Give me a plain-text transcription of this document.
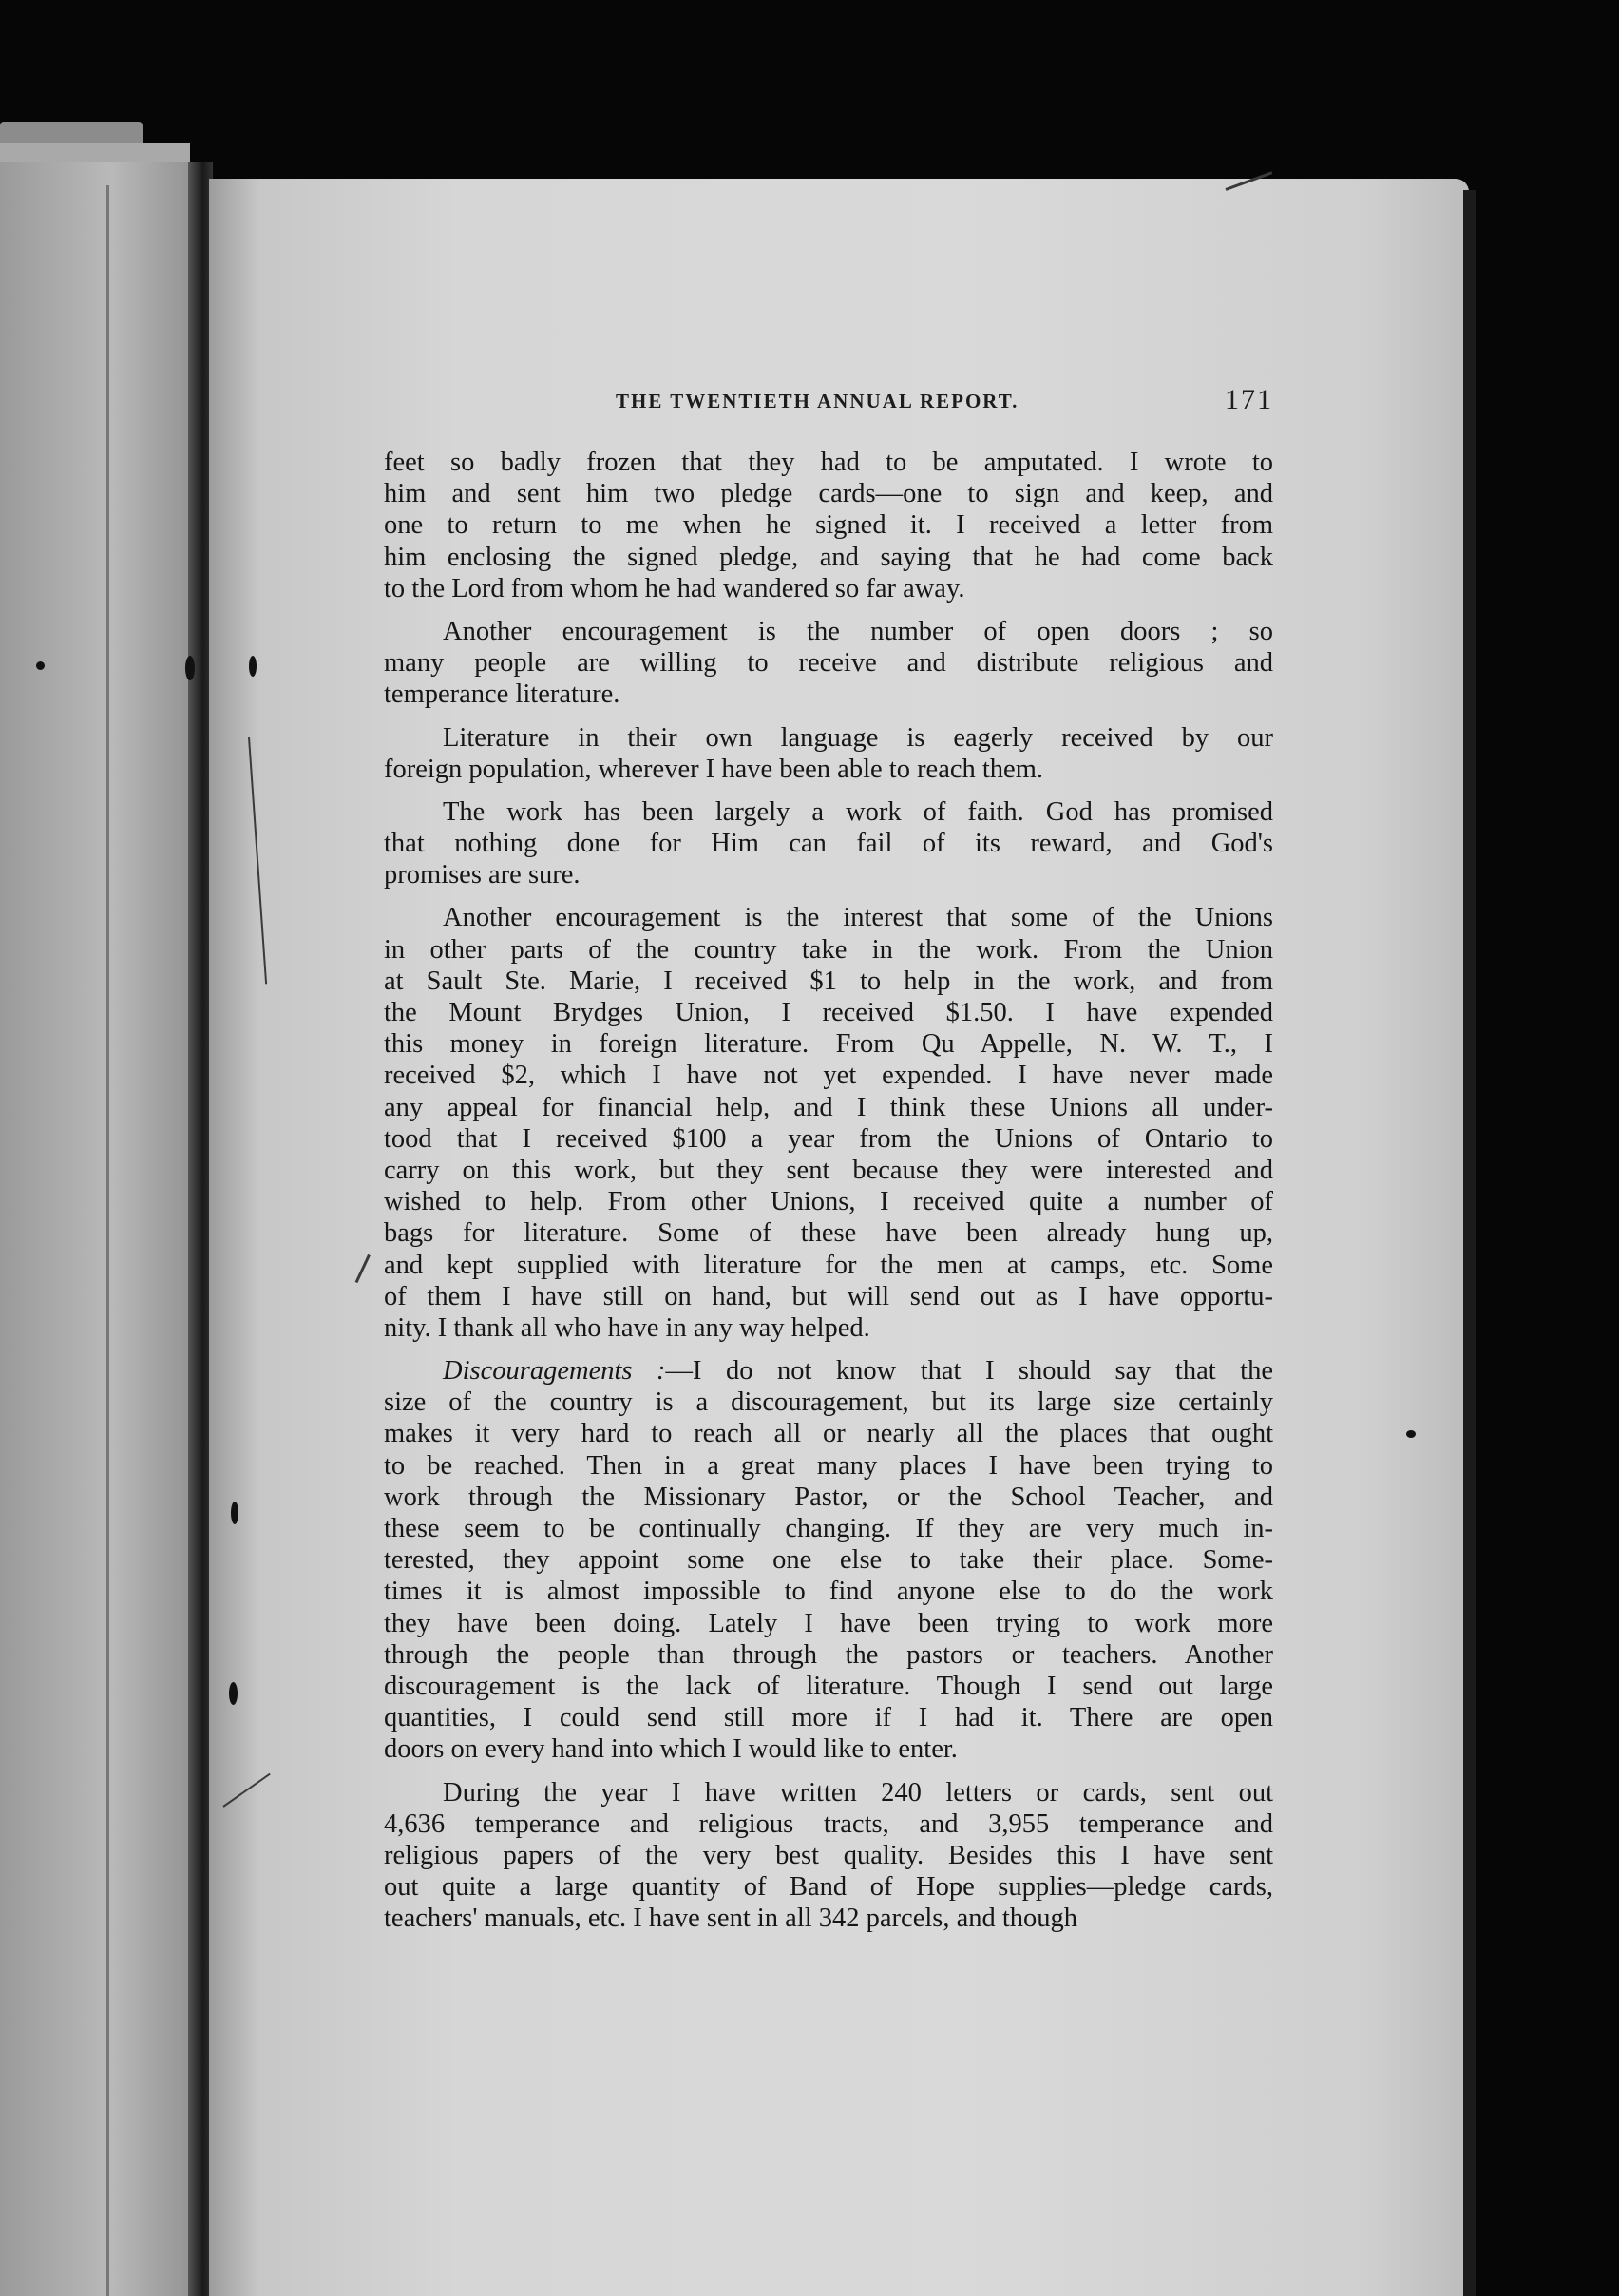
THE TWENTIETH ANNUAL REPORT.	171
feet so badly frozen that they had to be amputated. I wrote to
him and sent him two pledge cards—one to sign and keep, and
one to return to me when he signed it. I received a letter from
him enclosing the signed pledge, and saying that he had come back
to the Lord from whom he had wandered so far away.
Another encouragement is the number of open doors ; so
many people are willing to receive and distribute religious and
temperance literature.
Literature in their own language is eagerly received by our
foreign population, wherever I have been able to reach them.
The work has been largely a work of faith. God has promised
that nothing done for Him can fail of its reward, and God's
promises are sure.
Another encouragement is the interest that some of the Unions
in other parts of the country take in the work. From the Union
at Sault Ste. Marie, I received $1 to help in the work, and from
the Mount Brydges Union, I received $1.50. I have expended
this money in foreign literature. From Qu Appelle, N. W. T., I
received $2, which I have not yet expended. I have never made
any appeal for financial help, and I think these Unions all under-
tood that I received $100 a year from the Unions of Ontario to
carry on this work, but they sent because they were interested and
wished to help. From other Unions, I received quite a number of
bags for literature. Some of these have been already hung up,
and kept supplied with literature for the men at camps, etc. Some
of them I have still on hand, but will send out as I have opportu-
nity. I thank all who have in any way helped.
Discouragements :—I do not know that I should say that the
size of the country is a discouragement, but its large size certainly
makes it very hard to reach all or nearly all the places that ought
to be reached. Then in a great many places I have been trying to
work through the Missionary Pastor, or the School Teacher, and
these seem to be continually changing. If they are very much in-
terested, they appoint some one else to take their place. Some-
times it is almost impossible to find anyone else to do the work
they have been doing. Lately I have been trying to work more
through the people than through the pastors or teachers. Another
discouragement is the lack of literature. Though I send out large
quantities, I could send still more if I had it. There are open
doors on every hand into which I would like to enter.
During the year I have written 240 letters or cards, sent out
4,636 temperance and religious tracts, and 3,955 temperance and
religious papers of the very best quality. Besides this I have sent
out quite a large quantity of Band of Hope supplies—pledge cards,
teachers' manuals, etc. I have sent in all 342 parcels, and though
